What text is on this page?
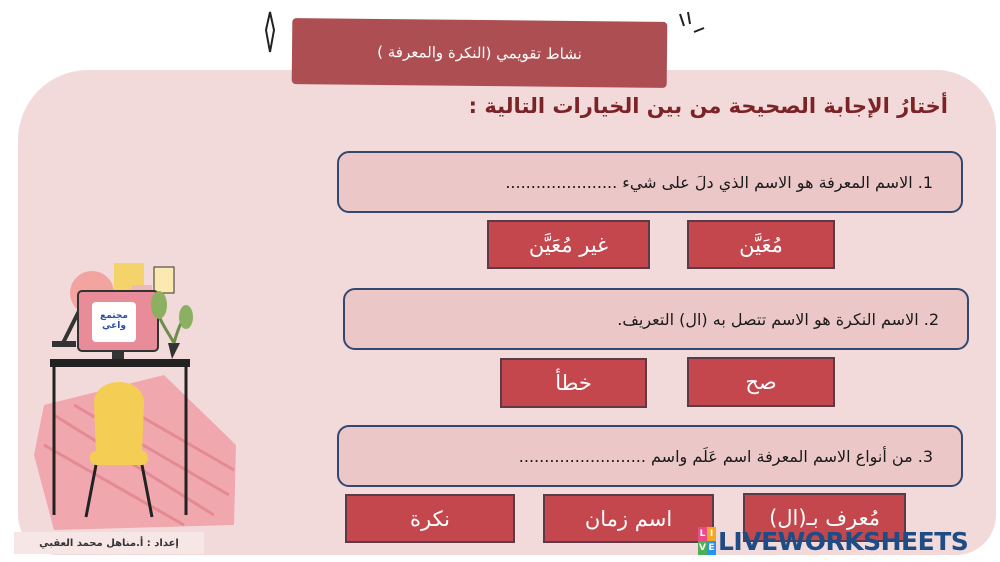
نشاط تقويمي (النكرة والمعرفة )
أختارُ الإجابة الصحيحة من بين الخيارات التالية :
1. الاسم المعرفة هو الاسم الذي دلَ على شيء ......................
مُعَيَّن
غير مُعَيَّن
2. الاسم النكرة هو الاسم تتصل به (ال) التعريف.
صح
خطأ
3. من أنواع الاسم المعرفة اسم عَلَم واسم .........................
مُعرف بـ(ال)
اسم زمان
نكرة
مجتمع
واعي
إعداد : أ.مناهل محمد العقبي
L I
V E LIVEWORKSHEETS
